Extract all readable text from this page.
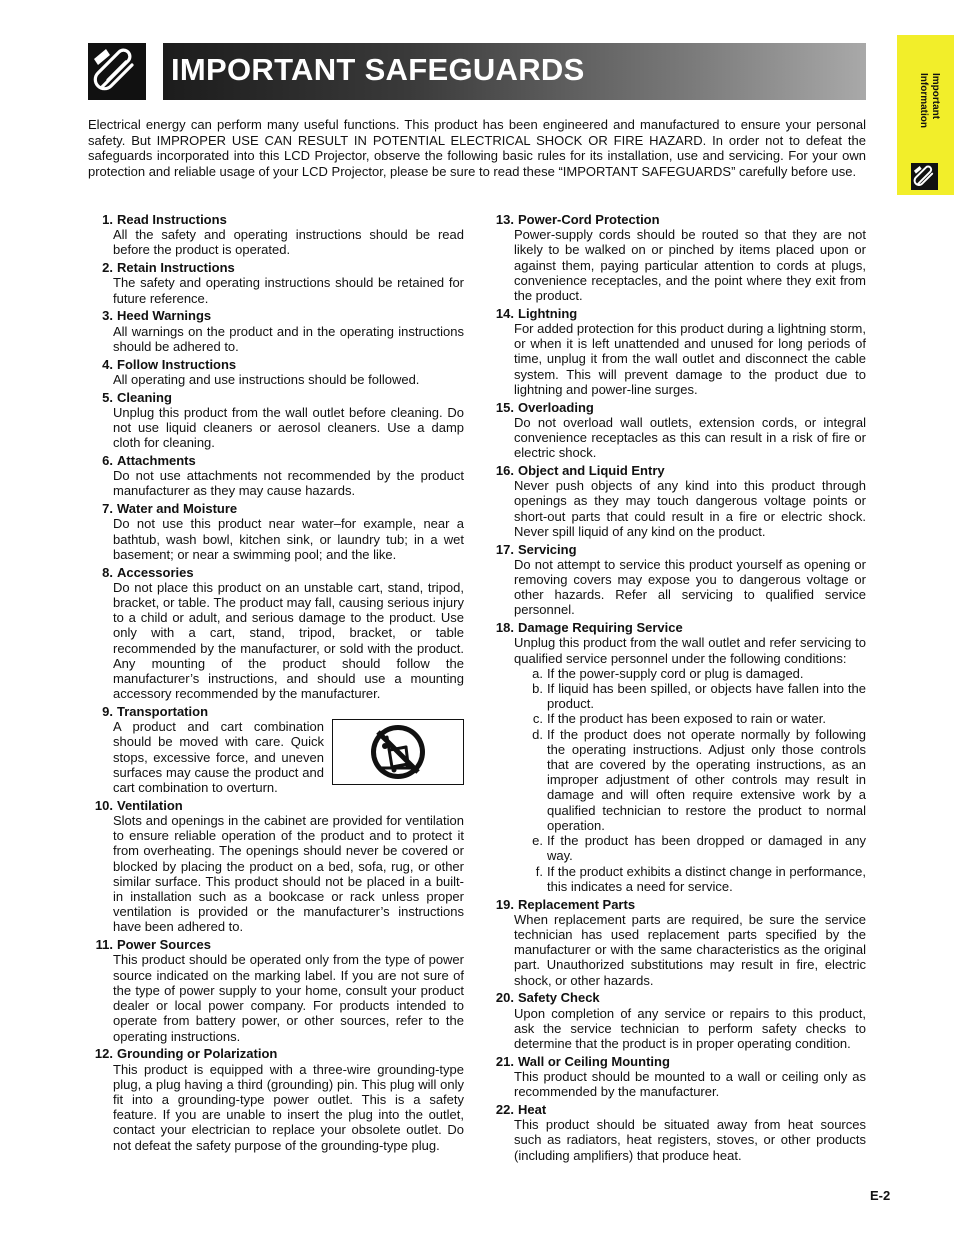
IMPORTANT SAFEGUARDS
Important
Information

Electrical energy can perform many useful functions. This product has been engineered and manufactured to ensure your personal safety. But IMPROPER USE CAN RESULT IN POTENTIAL ELECTRICAL SHOCK OR FIRE HAZARD. In order not to defeat the safeguards incorporated into this LCD Projector, observe the following basic rules for its installation, use and servicing. For your own protection and reliable usage of your LCD Projector, please be sure to read these “IMPORTANT SAFEGUARDS” carefully before use.

1. Read Instructions
All the safety and operating instructions should be read before the product is operated.
2. Retain Instructions
The safety and operating instructions should be retained for future reference.
3. Heed Warnings
All warnings on the product and in the operating instructions should be adhered to.
4. Follow Instructions
All operating and use instructions should be followed.
5. Cleaning
Unplug this product from the wall outlet before cleaning. Do not use liquid cleaners or aerosol cleaners. Use a damp cloth for cleaning.
6. Attachments
Do not use attachments not recommended by the product manufacturer as they may cause hazards.
7. Water and Moisture
Do not use this product near water–for example, near a bathtub, wash bowl, kitchen sink, or laundry tub; in a wet basement; or near a swimming pool; and the like.
8. Accessories
Do not place this product on an unstable cart, stand, tripod, bracket, or table. The product may fall, causing serious injury to a child or adult, and serious damage to the product. Use only with a cart, stand, tripod, bracket, or table recommended by the manufacturer, or sold with the product. Any mounting of the product should follow the manufacturer’s instructions, and should use a mounting accessory recommended by the manufacturer.
9. Transportation
A product and cart combination should be moved with care. Quick stops, excessive force, and uneven surfaces may cause the product and cart combination to overturn.
10. Ventilation
Slots and openings in the cabinet are provided for ventilation to ensure reliable operation of the product and to protect it from overheating. The openings should never be covered or blocked by placing the product on a bed, sofa, rug, or other similar surface. This product should not be placed in a built-in installation such as a bookcase or rack unless proper ventilation is provided or the manufacturer’s instructions have been adhered to.
11. Power Sources
This product should be operated only from the type of power source indicated on the marking label. If you are not sure of the type of power supply to your home, consult your product dealer or local power company. For products intended to operate from battery power, or other sources, refer to the operating instructions.
12. Grounding or Polarization
This product is equipped with a three-wire grounding-type plug, a plug having a third (grounding) pin. This plug will only fit into a grounding-type power outlet. This is a safety feature. If you are unable to insert the plug into the outlet, contact your electrician to replace your obsolete outlet. Do not defeat the safety purpose of the grounding-type plug.
13. Power-Cord Protection
Power-supply cords should be routed so that they are not likely to be walked on or pinched by items placed upon or against them, paying particular attention to cords at plugs, convenience receptacles, and the point where they exit from the product.
14. Lightning
For added protection for this product during a lightning storm, or when it is left unattended and unused for long periods of time, unplug it from the wall outlet and disconnect the cable system. This will prevent damage to the product due to lightning and power-line surges.
15. Overloading
Do not overload wall outlets, extension cords, or integral convenience receptacles as this can result in a risk of fire or electric shock.
16. Object and Liquid Entry
Never push objects of any kind into this product through openings as they may touch dangerous voltage points or short-out parts that could result in a fire or electric shock. Never spill liquid of any kind on the product.
17. Servicing
Do not attempt to service this product yourself as opening or removing covers may expose you to dangerous voltage or other hazards. Refer all servicing to qualified service personnel.
18. Damage Requiring Service
Unplug this product from the wall outlet and refer servicing to qualified service personnel under the following conditions:
a. If the power-supply cord or plug is damaged.
b. If liquid has been spilled, or objects have fallen into the product.
c. If the product has been exposed to rain or water.
d. If the product does not operate normally by following the operating instructions. Adjust only those controls that are covered by the operating instructions, as an improper adjustment of other controls may result in damage and will often require extensive work by a qualified technician to restore the product to normal operation.
e. If the product has been dropped or damaged in any way.
f. If the product exhibits a distinct change in performance, this indicates a need for service.
19. Replacement Parts
When replacement parts are required, be sure the service technician has used replacement parts specified by the manufacturer or with the same characteristics as the original part. Unauthorized substitutions may result in fire, electric shock, or other hazards.
20. Safety Check
Upon completion of any service or repairs to this product, ask the service technician to perform safety checks to determine that the product is in proper operating condition.
21. Wall or Ceiling Mounting
This product should be mounted to a wall or ceiling only as recommended by the manufacturer.
22. Heat
This product should be situated away from heat sources such as radiators, heat registers, stoves, or other products (including amplifiers) that produce heat.
E-2
